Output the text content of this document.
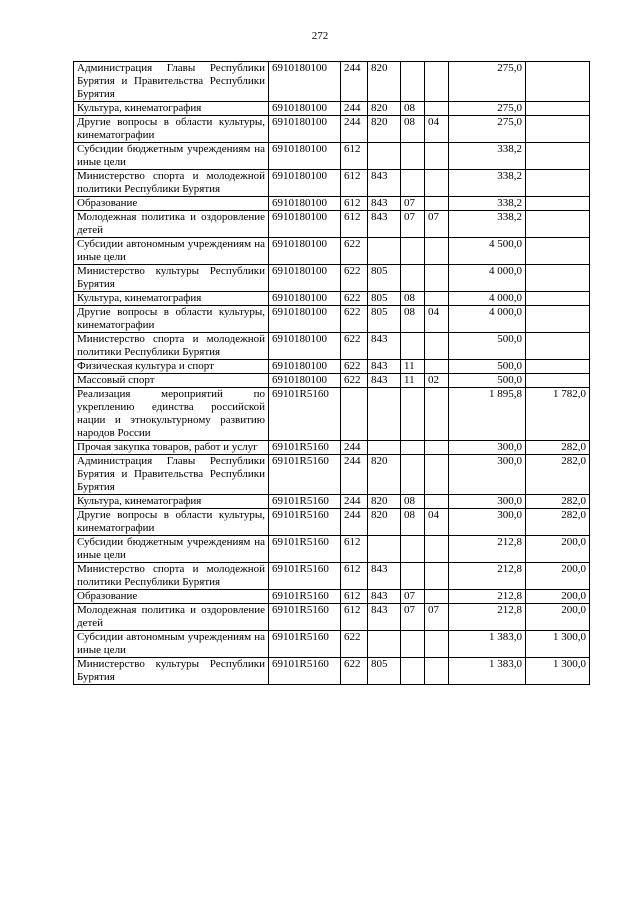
272
Администрация Главы Республики Бурятия и Правительства Республики Бурятия	6910180100	244	820			275,0	
Культура, кинематография	6910180100	244	820	08		275,0	
Другие вопросы в области культуры, кинематографии	6910180100	244	820	08	04	275,0	
Субсидии бюджетным учреждениям на иные цели	6910180100	612				338,2	
Министерство спорта и молодежной политики Республики Бурятия	6910180100	612	843			338,2	
Образование	6910180100	612	843	07		338,2	
Молодежная политика и оздоровление детей	6910180100	612	843	07	07	338,2	
Субсидии автономным учреждениям на иные цели	6910180100	622				4 500,0	
Министерство культуры Республики Бурятия	6910180100	622	805			4 000,0	
Культура, кинематография	6910180100	622	805	08		4 000,0	
Другие вопросы в области культуры, кинематографии	6910180100	622	805	08	04	4 000,0	
Министерство спорта и молодежной политики Республики Бурятия	6910180100	622	843			500,0	
Физическая культура и спорт	6910180100	622	843	11		500,0	
Массовый спорт	6910180100	622	843	11	02	500,0	
Реализация мероприятий по укреплению единства российской нации и этнокультурному развитию народов России	69101R5160					1 895,8	1 782,0
Прочая закупка товаров, работ и услуг	69101R5160	244				300,0	282,0
Администрация Главы Республики Бурятия и Правительства Республики Бурятия	69101R5160	244	820			300,0	282,0
Культура, кинематография	69101R5160	244	820	08		300,0	282,0
Другие вопросы в области культуры, кинематографии	69101R5160	244	820	08	04	300,0	282,0
Субсидии бюджетным учреждениям на иные цели	69101R5160	612				212,8	200,0
Министерство спорта и молодежной политики Республики Бурятия	69101R5160	612	843			212,8	200,0
Образование	69101R5160	612	843	07		212,8	200,0
Молодежная политика и оздоровление детей	69101R5160	612	843	07	07	212,8	200,0
Субсидии автономным учреждениям на иные цели	69101R5160	622				1 383,0	1 300,0
Министерство культуры Республики Бурятия	69101R5160	622	805			1 383,0	1 300,0
